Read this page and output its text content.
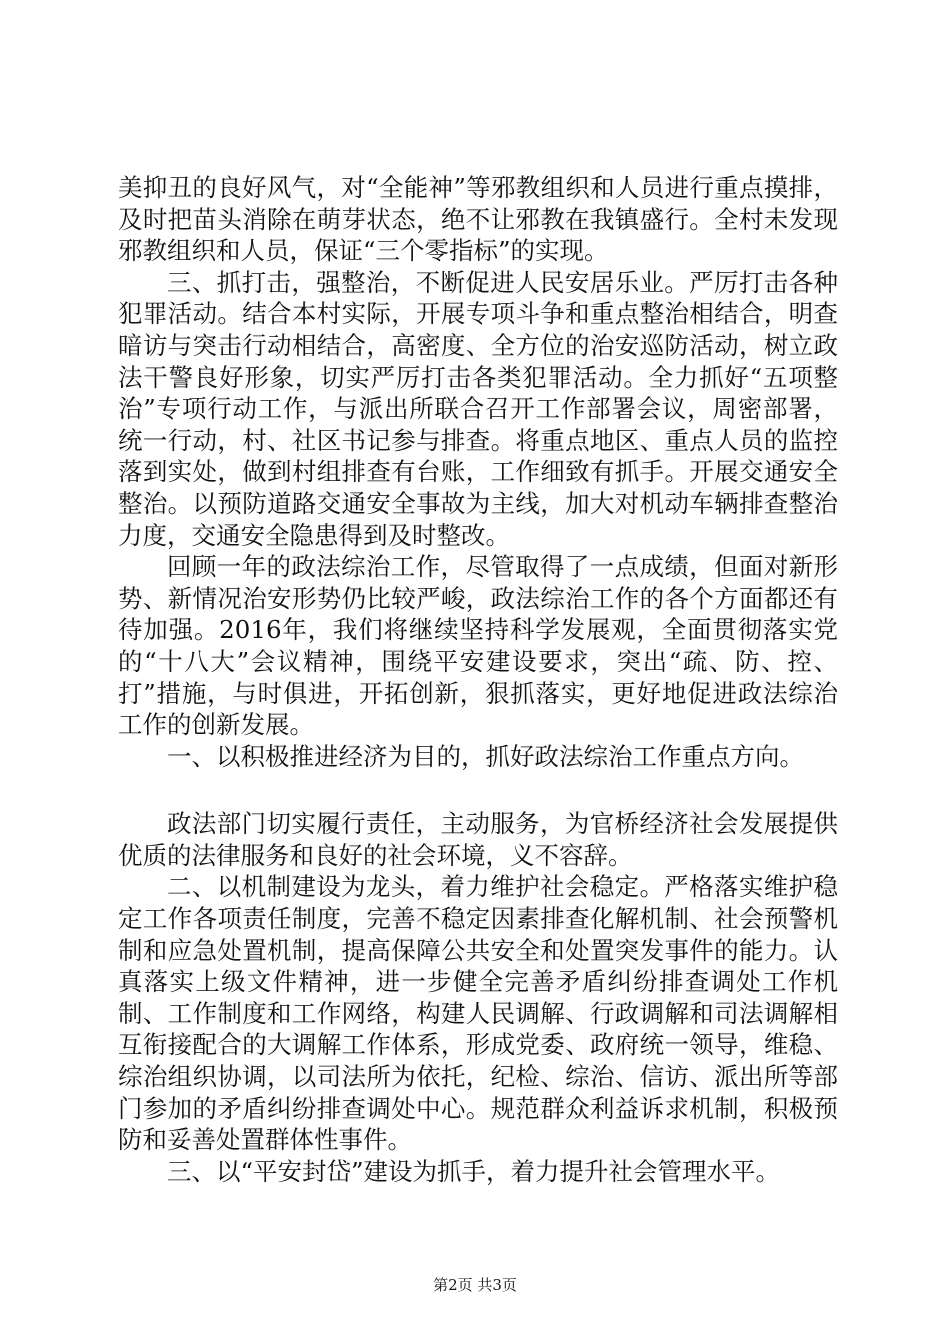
美抑丑的良好风气，对“全能神”等邪教组织和人员进行重点摸排，及时把苗头消除在萌芽状态，绝不让邪教在我镇盛行。全村未发现邪教组织和人员，保证“三个零指标”的实现。

三、抓打击，强整治，不断促进人民安居乐业。严厉打击各种犯罪活动。结合本村实际，开展专项斗争和重点整治相结合，明查暗访与突击行动相结合，高密度、全方位的治安巡防活动，树立政法干警良好形象，切实严厉打击各类犯罪活动。全力抓好“五项整治”专项行动工作，与派出所联合召开工作部署会议，周密部署，统一行动，村、社区书记参与排查。将重点地区、重点人员的监控落到实处，做到村组排查有台账，工作细致有抓手。开展交通安全整治。以预防道路交通安全事故为主线，加大对机动车辆排查整治力度，交通安全隐患得到及时整改。

回顾一年的政法综治工作，尽管取得了一点成绩，但面对新形势、新情况治安形势仍比较严峻，政法综治工作的各个方面都还有待加强。2016年，我们将继续坚持科学发展观，全面贯彻落实党的“十八大”会议精神，围绕平安建设要求，突出“疏、防、控、打”措施，与时俱进，开拓创新，狠抓落实，更好地促进政法综治工作的创新发展。

一、以积极推进经济为目的，抓好政法综治工作重点方向。

政法部门切实履行责任，主动服务，为官桥经济社会发展提供优质的法律服务和良好的社会环境，义不容辞。

二、以机制建设为龙头，着力维护社会稳定。严格落实维护稳定工作各项责任制度，完善不稳定因素排查化解机制、社会预警机制和应急处置机制，提高保障公共安全和处置突发事件的能力。认真落实上级文件精神，进一步健全完善矛盾纠纷排查调处工作机制、工作制度和工作网络，构建人民调解、行政调解和司法调解相互衔接配合的大调解工作体系，形成党委、政府统一领导，维稳、综治组织协调，以司法所为依托，纪检、综治、信访、派出所等部门参加的矛盾纠纷排查调处中心。规范群众利益诉求机制，积极预防和妥善处置群体性事件。

三、以“平安封岱”建设为抓手，着力提升社会管理水平。

第2页 共3页
